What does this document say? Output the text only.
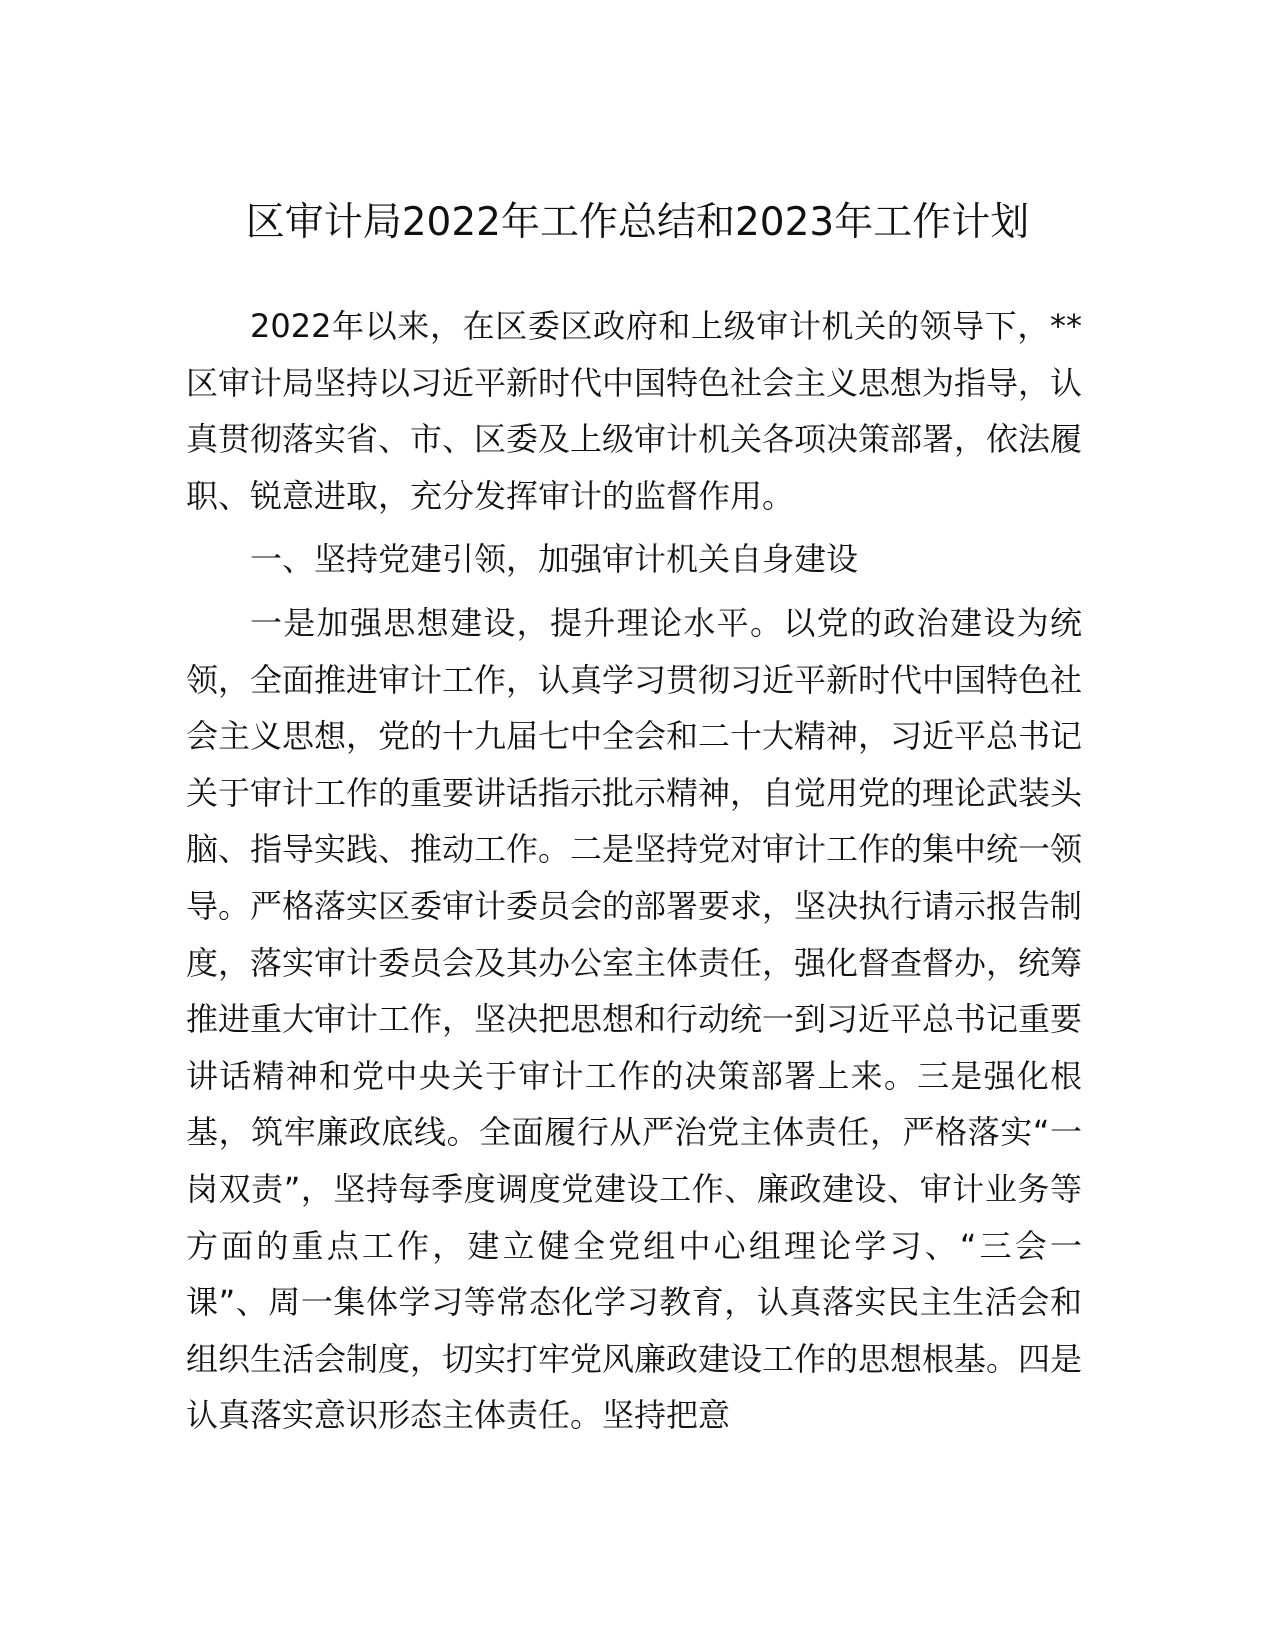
区审计局2022年工作总结和2023年工作计划

2022年以来，在区委区政府和上级审计机关的领导下，**区审计局坚持以习近平新时代中国特色社会主义思想为指导，认真贯彻落实省、市、区委及上级审计机关各项决策部署，依法履职、锐意进取，充分发挥审计的监督作用。

一、坚持党建引领，加强审计机关自身建设

一是加强思想建设，提升理论水平。以党的政治建设为统领，全面推进审计工作，认真学习贯彻习近平新时代中国特色社会主义思想，党的十九届七中全会和二十大精神，习近平总书记关于审计工作的重要讲话指示批示精神，自觉用党的理论武装头脑、指导实践、推动工作。二是坚持党对审计工作的集中统一领导。严格落实区委审计委员会的部署要求，坚决执行请示报告制度，落实审计委员会及其办公室主体责任，强化督查督办，统筹推进重大审计工作，坚决把思想和行动统一到习近平总书记重要讲话精神和党中央关于审计工作的决策部署上来。三是强化根基，筑牢廉政底线。全面履行从严治党主体责任，严格落实“一岗双责”，坚持每季度调度党建设工作、廉政建设、审计业务等方面的重点工作，建立健全党组中心组理论学习、“三会一课”、周一集体学习等常态化学习教育，认真落实民主生活会和组织生活会制度，切实打牢党风廉政建设工作的思想根基。四是认真落实意识形态主体责任。坚持把意
